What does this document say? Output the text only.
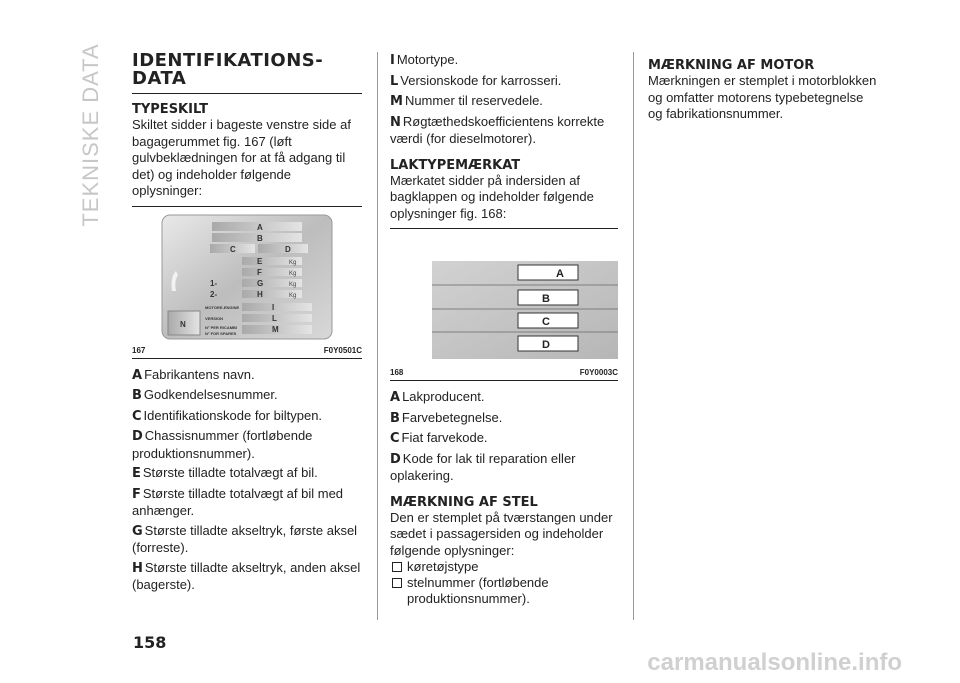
TEKNISKE DATA IDENTIFIKATIONS-DATA
TYPESKILT

Skiltet sidder i bageste venstre side af bagagerummet fig. 167 (løft gulvbeklædningen for at få adgang til det) og indeholder følgende oplysninger:

A
B
C	D
E
F
G
H
I
L
M
N
1-
2-
Kg
Kg
Kg
Kg
MOTORE-ENGINE
VERSION
N° PER RICAMBI
N° FOR SPARES
167	F0Y0501C
A Fabrikantens navn.
B Godkendelsesnummer.
C Identifikationskode for biltypen.
D Chassisnummer (fortløbende produktionsnummer).
E Største tilladte totalvægt af bil.
F Største tilladte totalvægt af bil med anhænger.
G Største tilladte akseltryk, første aksel (forreste).
H Største tilladte akseltryk, anden aksel (bagerste).
I Motortype.
L Versionskode for karrosseri.
M Nummer til reservedele.
N Røgtæthedskoefficientens korrekte værdi (for dieselmotorer).
LAKTYPEMÆRKAT

Mærkatet sidder på indersiden af bagklappen og indeholder følgende oplysninger fig. 168:

A
B
C
D
168	F0Y0003C
A Lakproducent.
B Farvebetegnelse.
C Fiat farvekode.
D Kode for lak til reparation eller oplakering.
MÆRKNING AF STEL

Den er stemplet på tværstangen under sædet i passagersiden og indeholder følgende oplysninger:

køretøjstype
stelnummer (fortløbende produktionsnummer).
MÆRKNING AF MOTOR

Mærkningen er stemplet i motorblokken og omfatter motorens typebetegnelse og fabrikationsnummer.

158
carmanualsonline.info
